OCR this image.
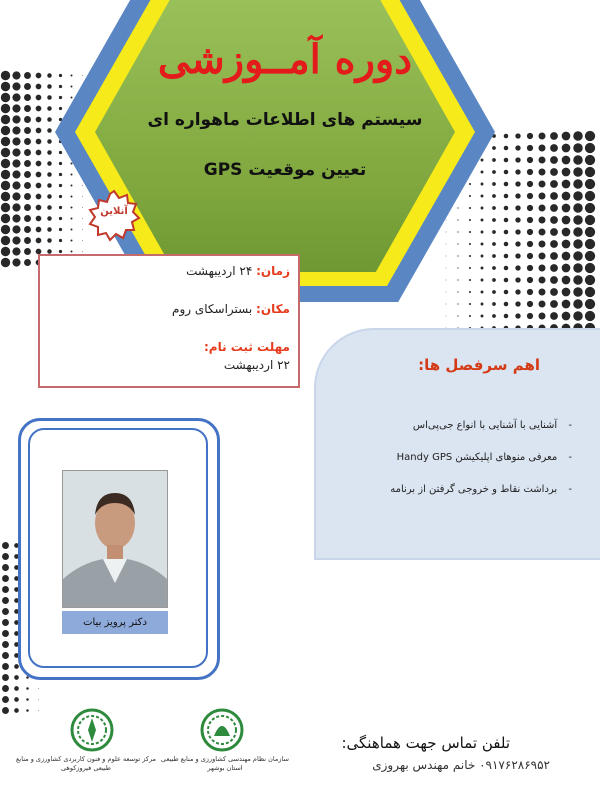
دوره آمــوزشی
سیستم های اطلاعات ماهواره ای
تعیین موقعیت GPS
آنلاین
زمان: ۲۴ اردیبهشت
مکان: بستراسکای روم
مهلت ثبت نام:
۲۲ اردیبهشت	اهم سرفصل ها:
- آشنایی با آشنایی با انواع جی‌پی‌اس
- معرفی منوهای اپلیکیشن Handy GPS
- برداشت نقاط و خروجی گرفتن از برنامه
دکتر پرویز بیات
مرکز توسعه علوم و فنون کاربردی کشاورزی و منابع طبیعی فیروزکوهی
سازمان نظام مهندسی کشاورزی و منابع طبیعی استان بوشهر
تلفن تماس جهت هماهنگی:
۰۹۱۷۶۲۸۶۹۵۲ خانم مهندس بهروزی
